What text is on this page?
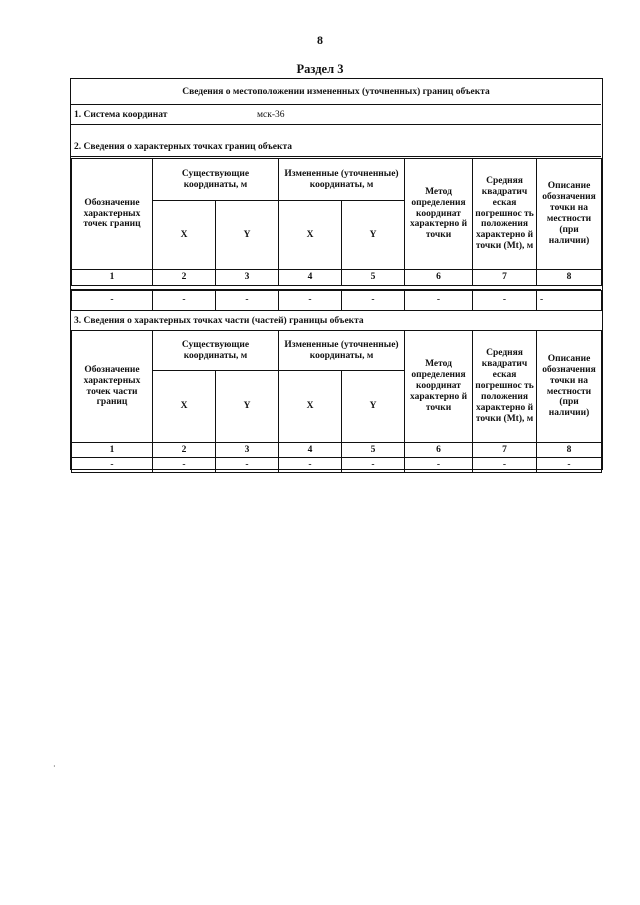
8
Раздел 3
Сведения о местоположении измененных (уточненных) границ объекта
1. Система координат	мск-36
2. Сведения о характерных точках границ объекта
Обозначение характерных точек границ	Существующие координаты, м		Измененные (уточненные) координаты, м		Метод определения координат характерно й точки	Средняя квадратич еская погрешнос ть положения характерно й точки (Mt), м	Описание обозначения точки на местности (при наличии)
	X	Y	X	Y			
1	2	3	4	5	6	7	8
-	-	-	-	-	-	-	-
3. Сведения о характерных точках части (частей) границы объекта
Обозначение характерных точек части границ	Существующие координаты, м		Измененные (уточненные) координаты, м		Метод определения координат характерно й точки	Средняя квадратич еская погрешнос ть положения характерно й точки (Mt), м	Описание обозначения точки на местности (при наличии)
	X	Y	X	Y			
1	2	3	4	5	6	7	8
-	-	-	-	-	-	-	-
·
